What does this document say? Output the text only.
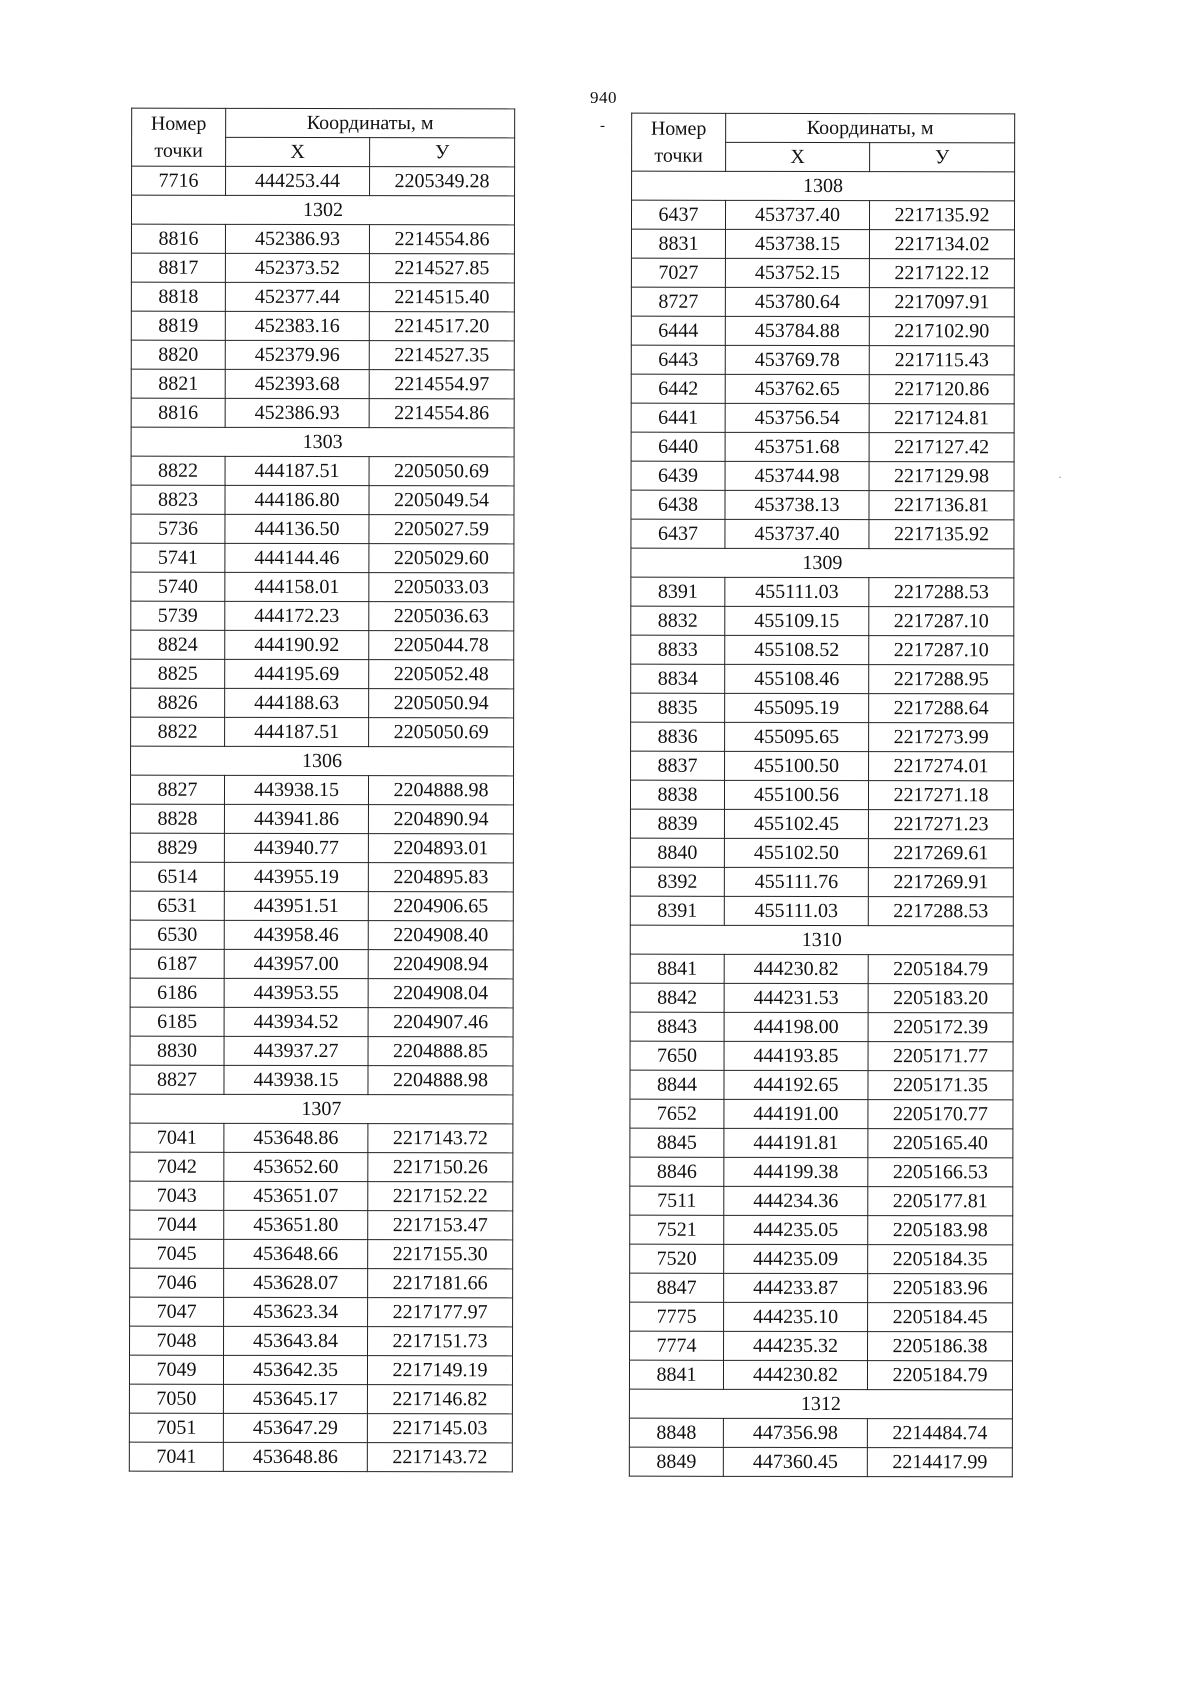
940
-
·
Номер
точки	Координаты, м	
	X	У
7716	444253.44	2205349.28
1302		
8816	452386.93	2214554.86
8817	452373.52	2214527.85
8818	452377.44	2214515.40
8819	452383.16	2214517.20
8820	452379.96	2214527.35
8821	452393.68	2214554.97
8816	452386.93	2214554.86
1303		
8822	444187.51	2205050.69
8823	444186.80	2205049.54
5736	444136.50	2205027.59
5741	444144.46	2205029.60
5740	444158.01	2205033.03
5739	444172.23	2205036.63
8824	444190.92	2205044.78
8825	444195.69	2205052.48
8826	444188.63	2205050.94
8822	444187.51	2205050.69
1306		
8827	443938.15	2204888.98
8828	443941.86	2204890.94
8829	443940.77	2204893.01
6514	443955.19	2204895.83
6531	443951.51	2204906.65
6530	443958.46	2204908.40
6187	443957.00	2204908.94
6186	443953.55	2204908.04
6185	443934.52	2204907.46
8830	443937.27	2204888.85
8827	443938.15	2204888.98
1307		
7041	453648.86	2217143.72
7042	453652.60	2217150.26
7043	453651.07	2217152.22
7044	453651.80	2217153.47
7045	453648.66	2217155.30
7046	453628.07	2217181.66
7047	453623.34	2217177.97
7048	453643.84	2217151.73
7049	453642.35	2217149.19
7050	453645.17	2217146.82
7051	453647.29	2217145.03
7041	453648.86	2217143.72
Номер
точки	Координаты, м	
	X	У
1308		
6437	453737.40	2217135.92
8831	453738.15	2217134.02
7027	453752.15	2217122.12
8727	453780.64	2217097.91
6444	453784.88	2217102.90
6443	453769.78	2217115.43
6442	453762.65	2217120.86
6441	453756.54	2217124.81
6440	453751.68	2217127.42
6439	453744.98	2217129.98
6438	453738.13	2217136.81
6437	453737.40	2217135.92
1309		
8391	455111.03	2217288.53
8832	455109.15	2217287.10
8833	455108.52	2217287.10
8834	455108.46	2217288.95
8835	455095.19	2217288.64
8836	455095.65	2217273.99
8837	455100.50	2217274.01
8838	455100.56	2217271.18
8839	455102.45	2217271.23
8840	455102.50	2217269.61
8392	455111.76	2217269.91
8391	455111.03	2217288.53
1310		
8841	444230.82	2205184.79
8842	444231.53	2205183.20
8843	444198.00	2205172.39
7650	444193.85	2205171.77
8844	444192.65	2205171.35
7652	444191.00	2205170.77
8845	444191.81	2205165.40
8846	444199.38	2205166.53
7511	444234.36	2205177.81
7521	444235.05	2205183.98
7520	444235.09	2205184.35
8847	444233.87	2205183.96
7775	444235.10	2205184.45
7774	444235.32	2205186.38
8841	444230.82	2205184.79
1312		
8848	447356.98	2214484.74
8849	447360.45	2214417.99
